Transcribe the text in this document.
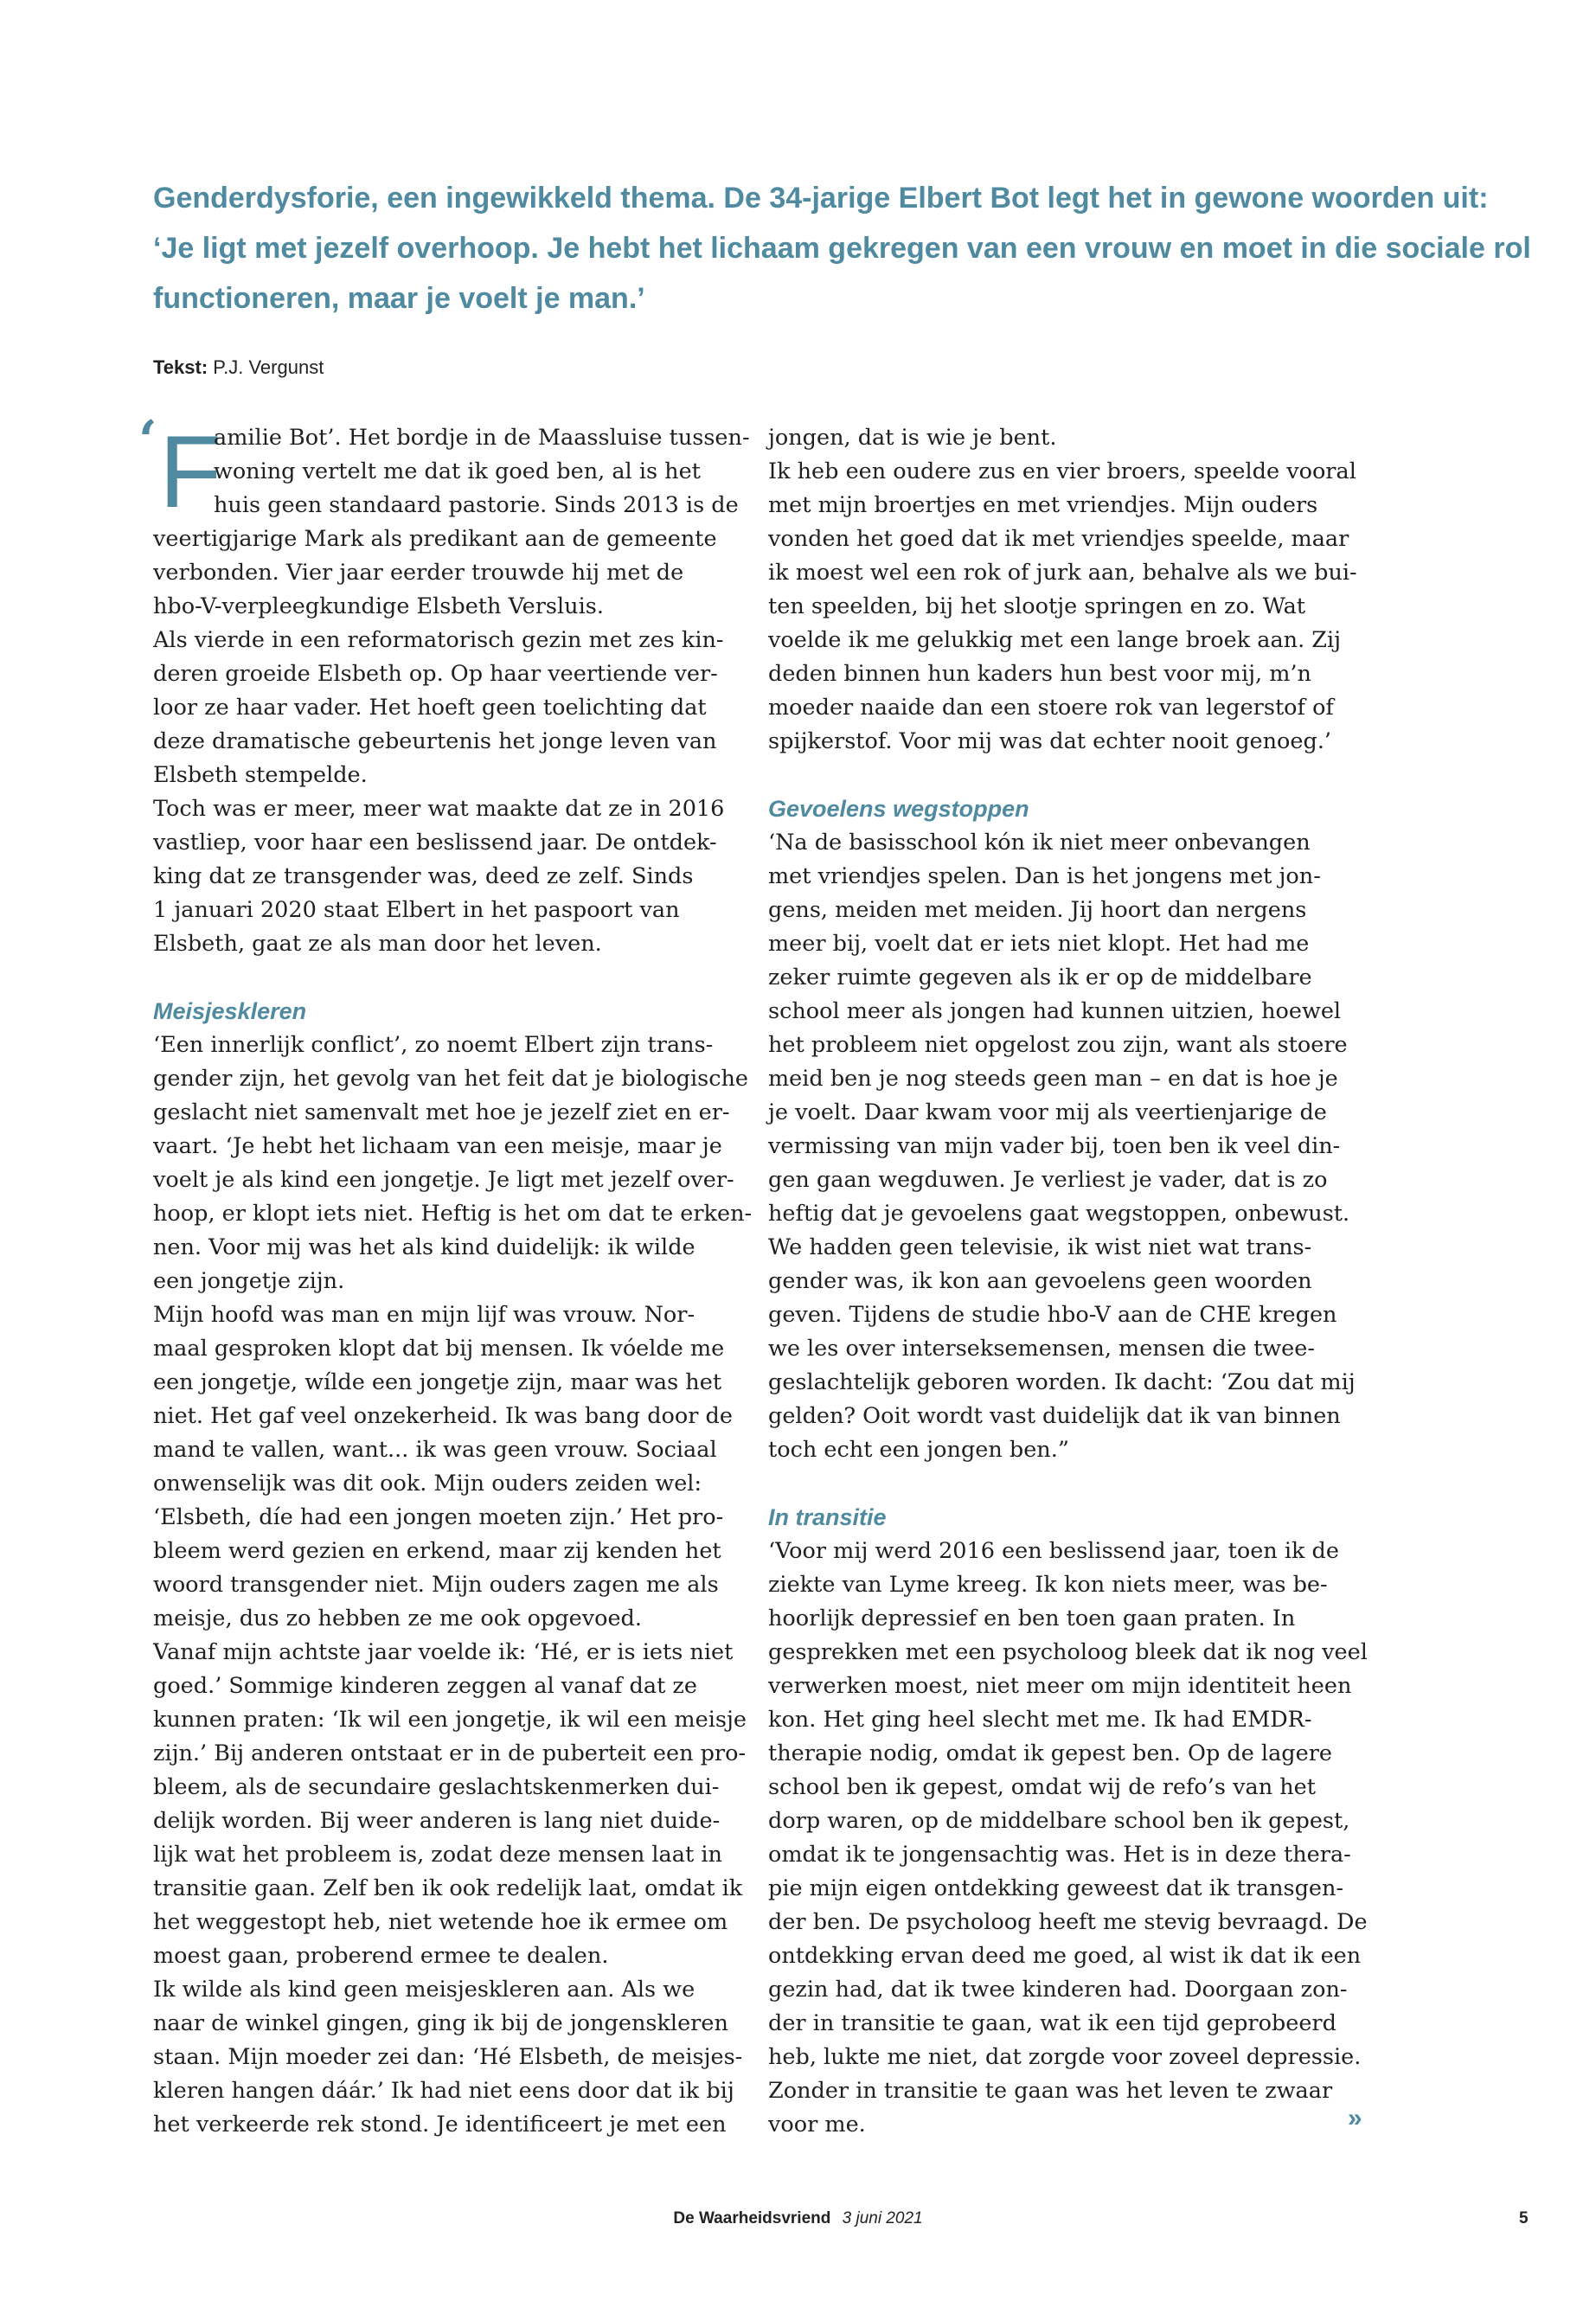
Genderdysforie, een ingewikkeld thema. De 34-jarige Elbert Bot legt het in gewone woorden uit:
‘Je ligt met jezelf overhoop. Je hebt het lichaam gekregen van een vrouw en moet in die sociale rol
functioneren, maar je voelt je man.’
Tekst: P.J. Vergunst
‘ F
amilie Bot’. Het bordje in de Maassluise tussen-
woning vertelt me dat ik goed ben, al is het
huis geen standaard pastorie. Sinds 2013 is de
veertigjarige Mark als predikant aan de gemeente
verbonden. Vier jaar eerder trouwde hij met de
hbo-V-verpleegkundige Elsbeth Versluis.
Als vierde in een reformatorisch gezin met zes kin-
deren groeide Elsbeth op. Op haar veertiende ver-
loor ze haar vader. Het hoeft geen toelichting dat
deze dramatische gebeurtenis het jonge leven van
Elsbeth stempelde.
Toch was er meer, meer wat maakte dat ze in 2016
vastliep, voor haar een beslissend jaar. De ontdek-
king dat ze transgender was, deed ze zelf. Sinds
1 januari 2020 staat Elbert in het paspoort van
Elsbeth, gaat ze als man door het leven.
Meisjeskleren
‘Een innerlijk conflict’, zo noemt Elbert zijn trans-
gender zijn, het gevolg van het feit dat je biologische
geslacht niet samenvalt met hoe je jezelf ziet en er-
vaart. ‘Je hebt het lichaam van een meisje, maar je
voelt je als kind een jongetje. Je ligt met jezelf over-
hoop, er klopt iets niet. Heftig is het om dat te erken-
nen. Voor mij was het als kind duidelijk: ik wilde
een jongetje zijn.
Mijn hoofd was man en mijn lijf was vrouw. Nor-
maal gesproken klopt dat bij mensen. Ik vóelde me
een jongetje, wílde een jongetje zijn, maar was het
niet. Het gaf veel onzekerheid. Ik was bang door de
mand te vallen, want... ik was geen vrouw. Sociaal
onwenselijk was dit ook. Mijn ouders zeiden wel:
‘Elsbeth, díe had een jongen moeten zijn.’ Het pro-
bleem werd gezien en erkend, maar zij kenden het
woord transgender niet. Mijn ouders zagen me als
meisje, dus zo hebben ze me ook opgevoed.
Vanaf mijn achtste jaar voelde ik: ‘Hé, er is iets niet
goed.’ Sommige kinderen zeggen al vanaf dat ze
kunnen praten: ‘Ik wil een jongetje, ik wil een meisje
zijn.’ Bij anderen ontstaat er in de puberteit een pro-
bleem, als de secundaire geslachtskenmerken dui-
delijk worden. Bij weer anderen is lang niet duide-
lijk wat het probleem is, zodat deze mensen laat in
transitie gaan. Zelf ben ik ook redelijk laat, omdat ik
het weggestopt heb, niet wetende hoe ik ermee om
moest gaan, proberend ermee te dealen.
Ik wilde als kind geen meisjeskleren aan. Als we
naar de winkel gingen, ging ik bij de jongenskleren
staan. Mijn moeder zei dan: ‘Hé Elsbeth, de meisjes-
kleren hangen dáár.’ Ik had niet eens door dat ik bij
het verkeerde rek stond. Je identificeert je met een
jongen, dat is wie je bent.
Ik heb een oudere zus en vier broers, speelde vooral
met mijn broertjes en met vriendjes. Mijn ouders
vonden het goed dat ik met vriendjes speelde, maar
ik moest wel een rok of jurk aan, behalve als we bui-
ten speelden, bij het slootje springen en zo. Wat
voelde ik me gelukkig met een lange broek aan. Zij
deden binnen hun kaders hun best voor mij, m’n
moeder naaide dan een stoere rok van legerstof of
spijkerstof. Voor mij was dat echter nooit genoeg.’
Gevoelens wegstoppen
‘Na de basisschool kón ik niet meer onbevangen
met vriendjes spelen. Dan is het jongens met jon-
gens, meiden met meiden. Jij hoort dan nergens
meer bij, voelt dat er iets niet klopt. Het had me
zeker ruimte gegeven als ik er op de middelbare
school meer als jongen had kunnen uitzien, hoewel
het probleem niet opgelost zou zijn, want als stoere
meid ben je nog steeds geen man – en dat is hoe je
je voelt. Daar kwam voor mij als veertienjarige de
vermissing van mijn vader bij, toen ben ik veel din-
gen gaan wegduwen. Je verliest je vader, dat is zo
heftig dat je gevoelens gaat wegstoppen, onbewust.
We hadden geen televisie, ik wist niet wat trans-
gender was, ik kon aan gevoelens geen woorden
geven. Tijdens de studie hbo-V aan de CHE kregen
we les over interseksemensen, mensen die twee-
geslachtelijk geboren worden. Ik dacht: ‘Zou dat mij
gelden? Ooit wordt vast duidelijk dat ik van binnen
toch echt een jongen ben.”
In transitie
‘Voor mij werd 2016 een beslissend jaar, toen ik de
ziekte van Lyme kreeg. Ik kon niets meer, was be-
hoorlijk depressief en ben toen gaan praten. In
gesprekken met een psycholoog bleek dat ik nog veel
verwerken moest, niet meer om mijn identiteit heen
kon. Het ging heel slecht met me. Ik had EMDR-
therapie nodig, omdat ik gepest ben. Op de lagere
school ben ik gepest, omdat wij de refo’s van het
dorp waren, op de middelbare school ben ik gepest,
omdat ik te jongensachtig was. Het is in deze thera-
pie mijn eigen ontdekking geweest dat ik transgen-
der ben. De psycholoog heeft me stevig bevraagd. De
ontdekking ervan deed me goed, al wist ik dat ik een
gezin had, dat ik twee kinderen had. Doorgaan zon-
der in transitie te gaan, wat ik een tijd geprobeerd
heb, lukte me niet, dat zorgde voor zoveel depressie.
Zonder in transitie te gaan was het leven te zwaar
voor me.	»
De Waarheidsvriend 3 juni 2021	5
